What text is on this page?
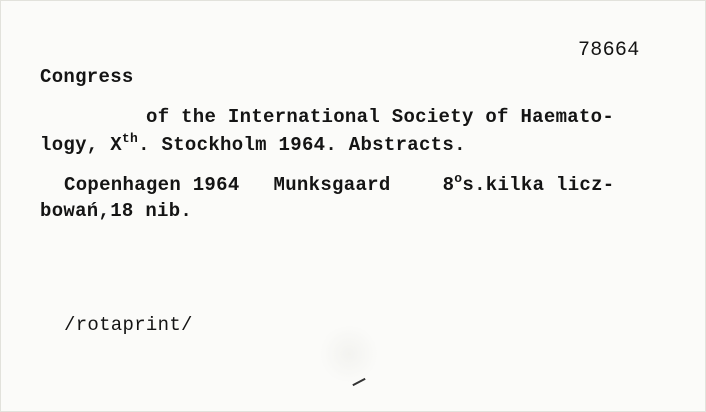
78664
Congress
of the International Society of Haemato-
logy, Xth. Stockholm 1964. Abstracts.
Copenhagen 1964 Munksgaard	8$^o$s.kilka licz-
bowań,18 nib.
/rotaprint/
